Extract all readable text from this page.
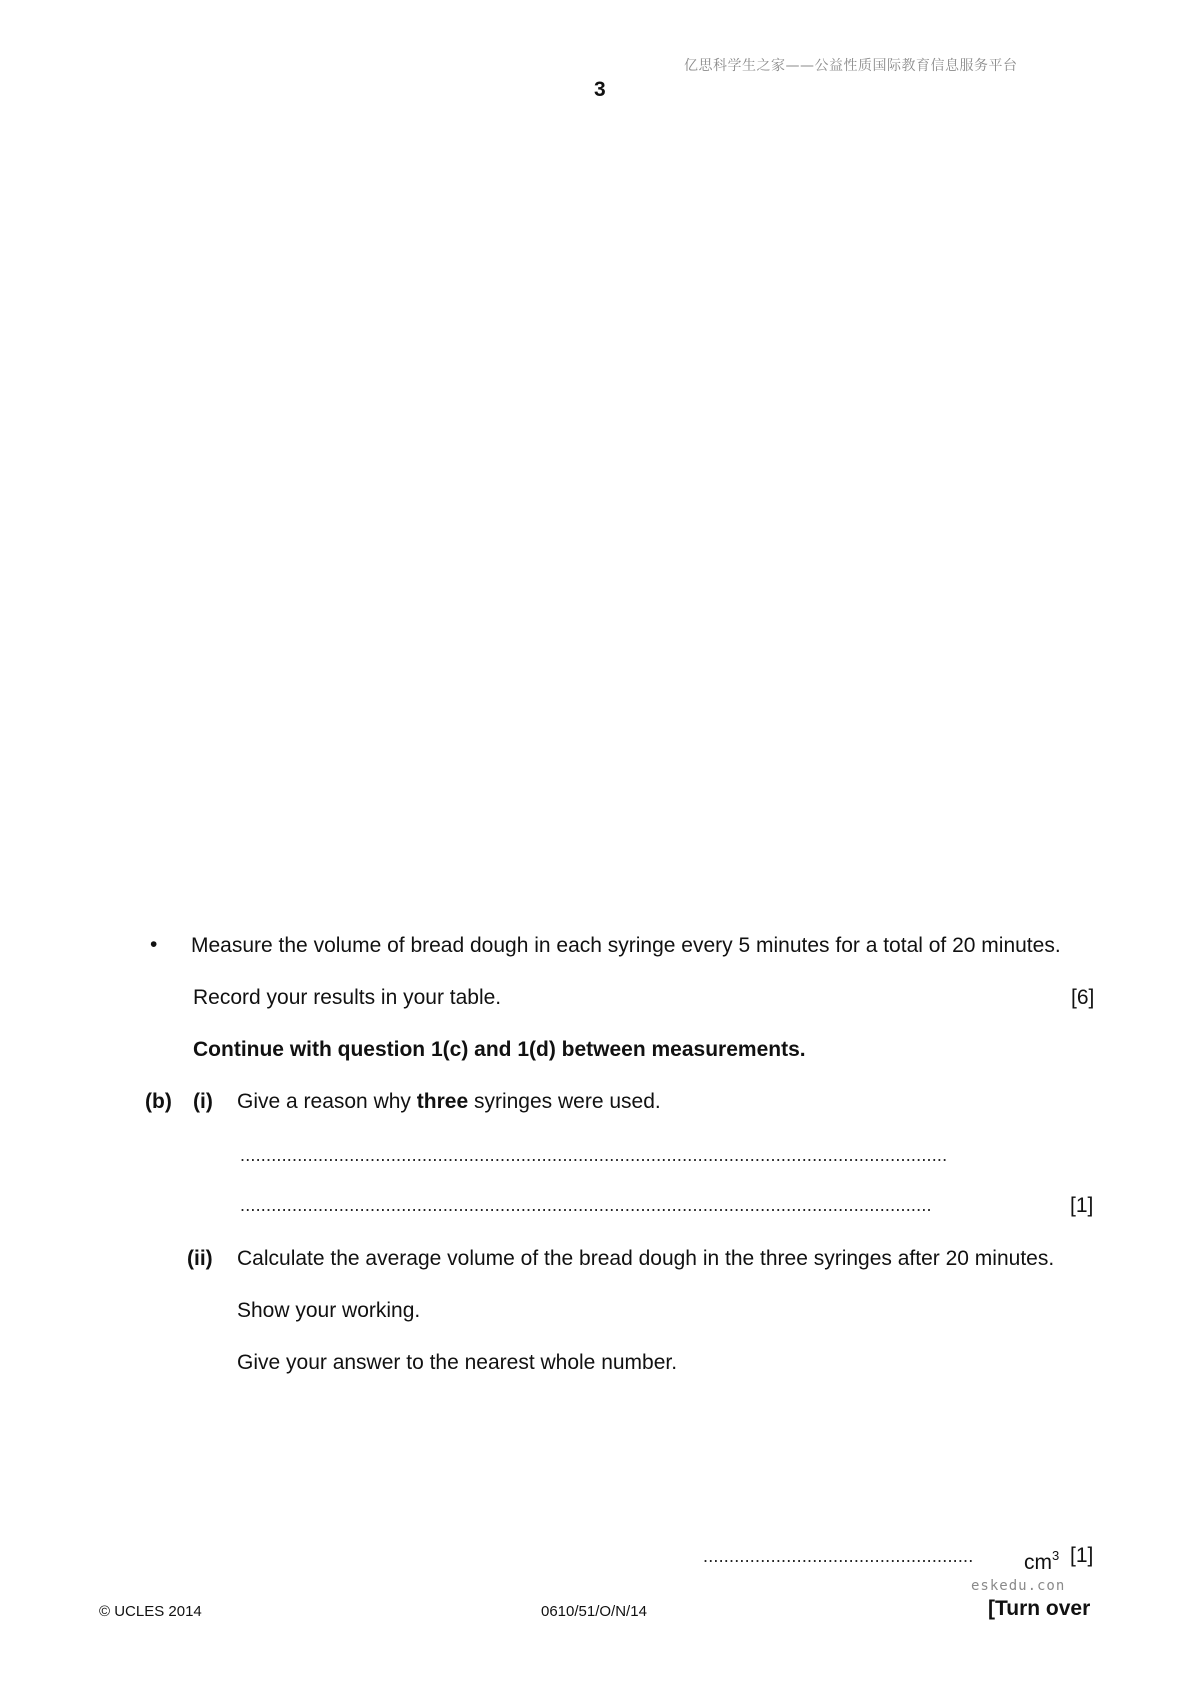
亿思科学生之家——公益性质国际教育信息服务平台
3
• Measure the volume of bread dough in each syringe every 5 minutes for a total of 20 minutes.
Record your results in your table.	[6]
Continue with question 1(c) and 1(d) between measurements.
(b) (i) Give a reason why three syringes were used.
........................................................................................................................................
.....................................................................................................................................	[1]
(ii) Calculate the average volume of the bread dough in the three syringes after 20 minutes.
Show your working.
Give your answer to the nearest whole number.
....................................................	$cm^3$ [1]
eskedu.con
© UCLES 2014	0610/51/O/N/14	[Turn over
